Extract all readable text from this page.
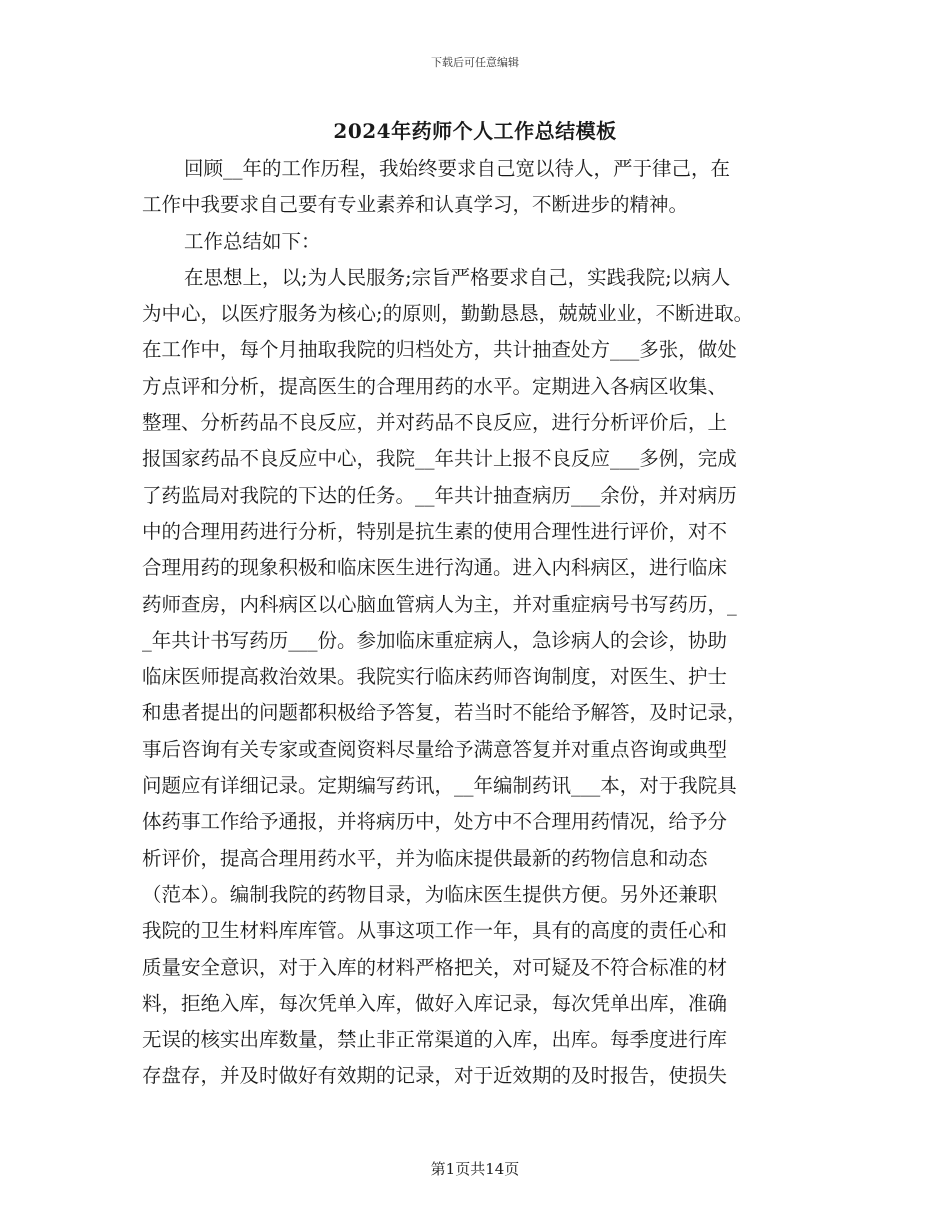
下载后可任意编辑
2024年药师个人工作总结模板
回顾__年的工作历程，我始终要求自己宽以待人，严于律己，在
工作中我要求自己要有专业素养和认真学习，不断进步的精神。
工作总结如下：
在思想上，以;为人民服务;宗旨严格要求自己，实践我院;以病人
为中心，以医疗服务为核心;的原则，勤勤恳恳，兢兢业业，不断进取。
在工作中，每个月抽取我院的归档处方，共计抽查处方___多张，做处
方点评和分析，提高医生的合理用药的水平。定期进入各病区收集、
整理、分析药品不良反应，并对药品不良反应，进行分析评价后，上
报国家药品不良反应中心，我院__年共计上报不良反应___多例，完成
了药监局对我院的下达的任务。__年共计抽查病历___余份，并对病历
中的合理用药进行分析，特别是抗生素的使用合理性进行评价，对不
合理用药的现象积极和临床医生进行沟通。进入内科病区，进行临床
药师查房，内科病区以心脑血管病人为主，并对重症病号书写药历，_
_年共计书写药历___份。参加临床重症病人，急诊病人的会诊，协助
临床医师提高救治效果。我院实行临床药师咨询制度，对医生、护士
和患者提出的问题都积极给予答复，若当时不能给予解答，及时记录，
事后咨询有关专家或查阅资料尽量给予满意答复并对重点咨询或典型
问题应有详细记录。定期编写药讯，__年编制药讯___本，对于我院具
体药事工作给予通报，并将病历中，处方中不合理用药情况，给予分
析评价，提高合理用药水平，并为临床提供最新的药物信息和动态
（范本）。编制我院的药物目录，为临床医生提供方便。另外还兼职
我院的卫生材料库库管。从事这项工作一年，具有的高度的责任心和
质量安全意识，对于入库的材料严格把关，对可疑及不符合标准的材
料，拒绝入库，每次凭单入库，做好入库记录，每次凭单出库，准确
无误的核实出库数量，禁止非正常渠道的入库，出库。每季度进行库
存盘存，并及时做好有效期的记录，对于近效期的及时报告，使损失
第1页共14页
